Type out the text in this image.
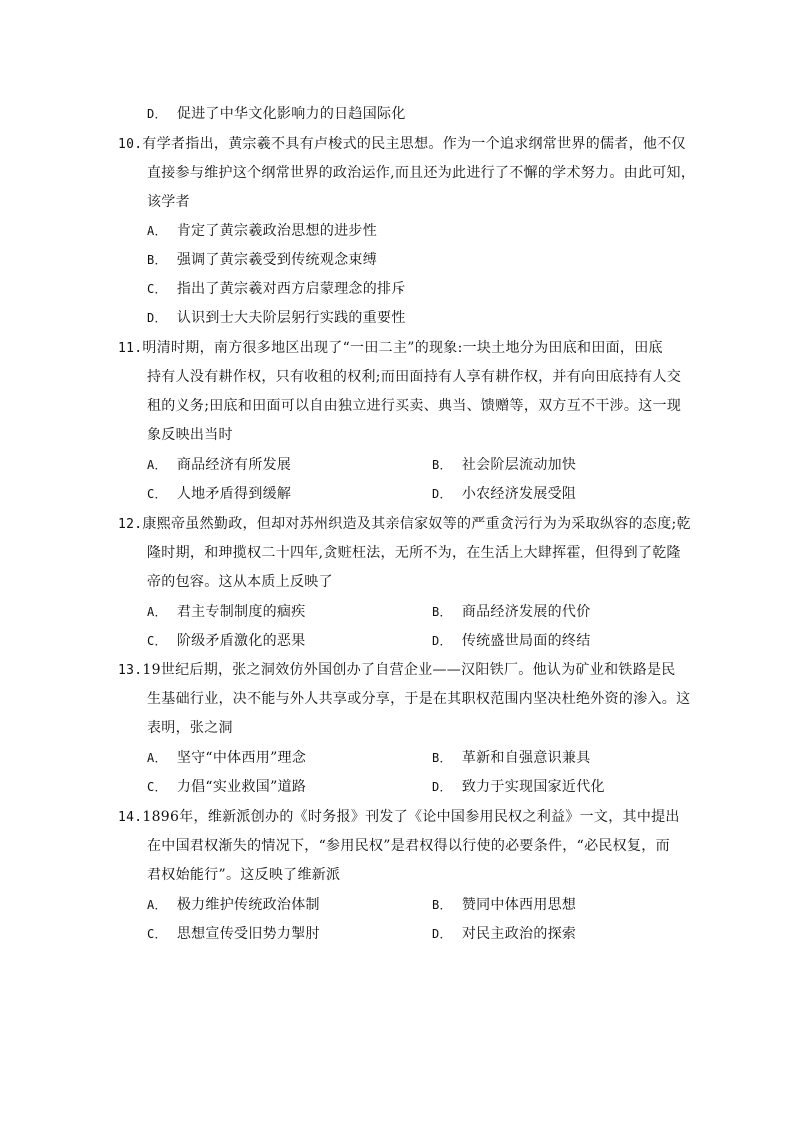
D． 促进了中华文化影响力的日趋国际化
10.有学者指出，黄宗羲不具有卢梭式的民主思想。作为一个追求纲常世界的儒者，他不仅
直接参与维护这个纲常世界的政治运作,而且还为此进行了不懈的学术努力。由此可知，
该学者
A． 肯定了黄宗羲政治思想的进步性
B． 强调了黄宗羲受到传统观念束缚
C． 指出了黄宗羲对西方启蒙理念的排斥
D． 认识到士大夫阶层躬行实践的重要性
11.明清时期，南方很多地区出现了“一田二主”的现象:一块土地分为田底和田面，田底
持有人没有耕作权，只有收租的权利;而田面持有人享有耕作权，并有向田底持有人交
租的义务;田底和田面可以自由独立进行买卖、典当、馈赠等，双方互不干涉。这一现
象反映出当时
A． 商品经济有所发展	B． 社会阶层流动加快
C． 人地矛盾得到缓解	D． 小农经济发展受阻
12.康熙帝虽然勤政，但却对苏州织造及其亲信家奴等的严重贪污行为为采取纵容的态度;乾
隆时期，和珅揽权二十四年,贪赃枉法，无所不为，在生活上大肆挥霍，但得到了乾隆
帝的包容。这从本质上反映了
A． 君主专制制度的痼疾	B． 商品经济发展的代价
C． 阶级矛盾激化的恶果	D． 传统盛世局面的终结
13.19世纪后期，张之洞效仿外国创办了自营企业——汉阳铁厂。他认为矿业和铁路是民
生基础行业，决不能与外人共享或分享，于是在其职权范围内坚决杜绝外资的渗入。这
表明，张之洞
A． 坚守“中体西用”理念	B． 革新和自强意识兼具
C． 力倡“实业救国”道路	D． 致力于实现国家近代化
14.1896年，维新派创办的《时务报》刊发了《论中国参用民权之利益》一文，其中提出
在中国君权渐失的情况下，“参用民权”是君权得以行使的必要条件，“必民权复，而
君权始能行”。这反映了维新派
A． 极力维护传统政治体制	B． 赞同中体西用思想
C． 思想宣传受旧势力掣肘	D． 对民主政治的探索
